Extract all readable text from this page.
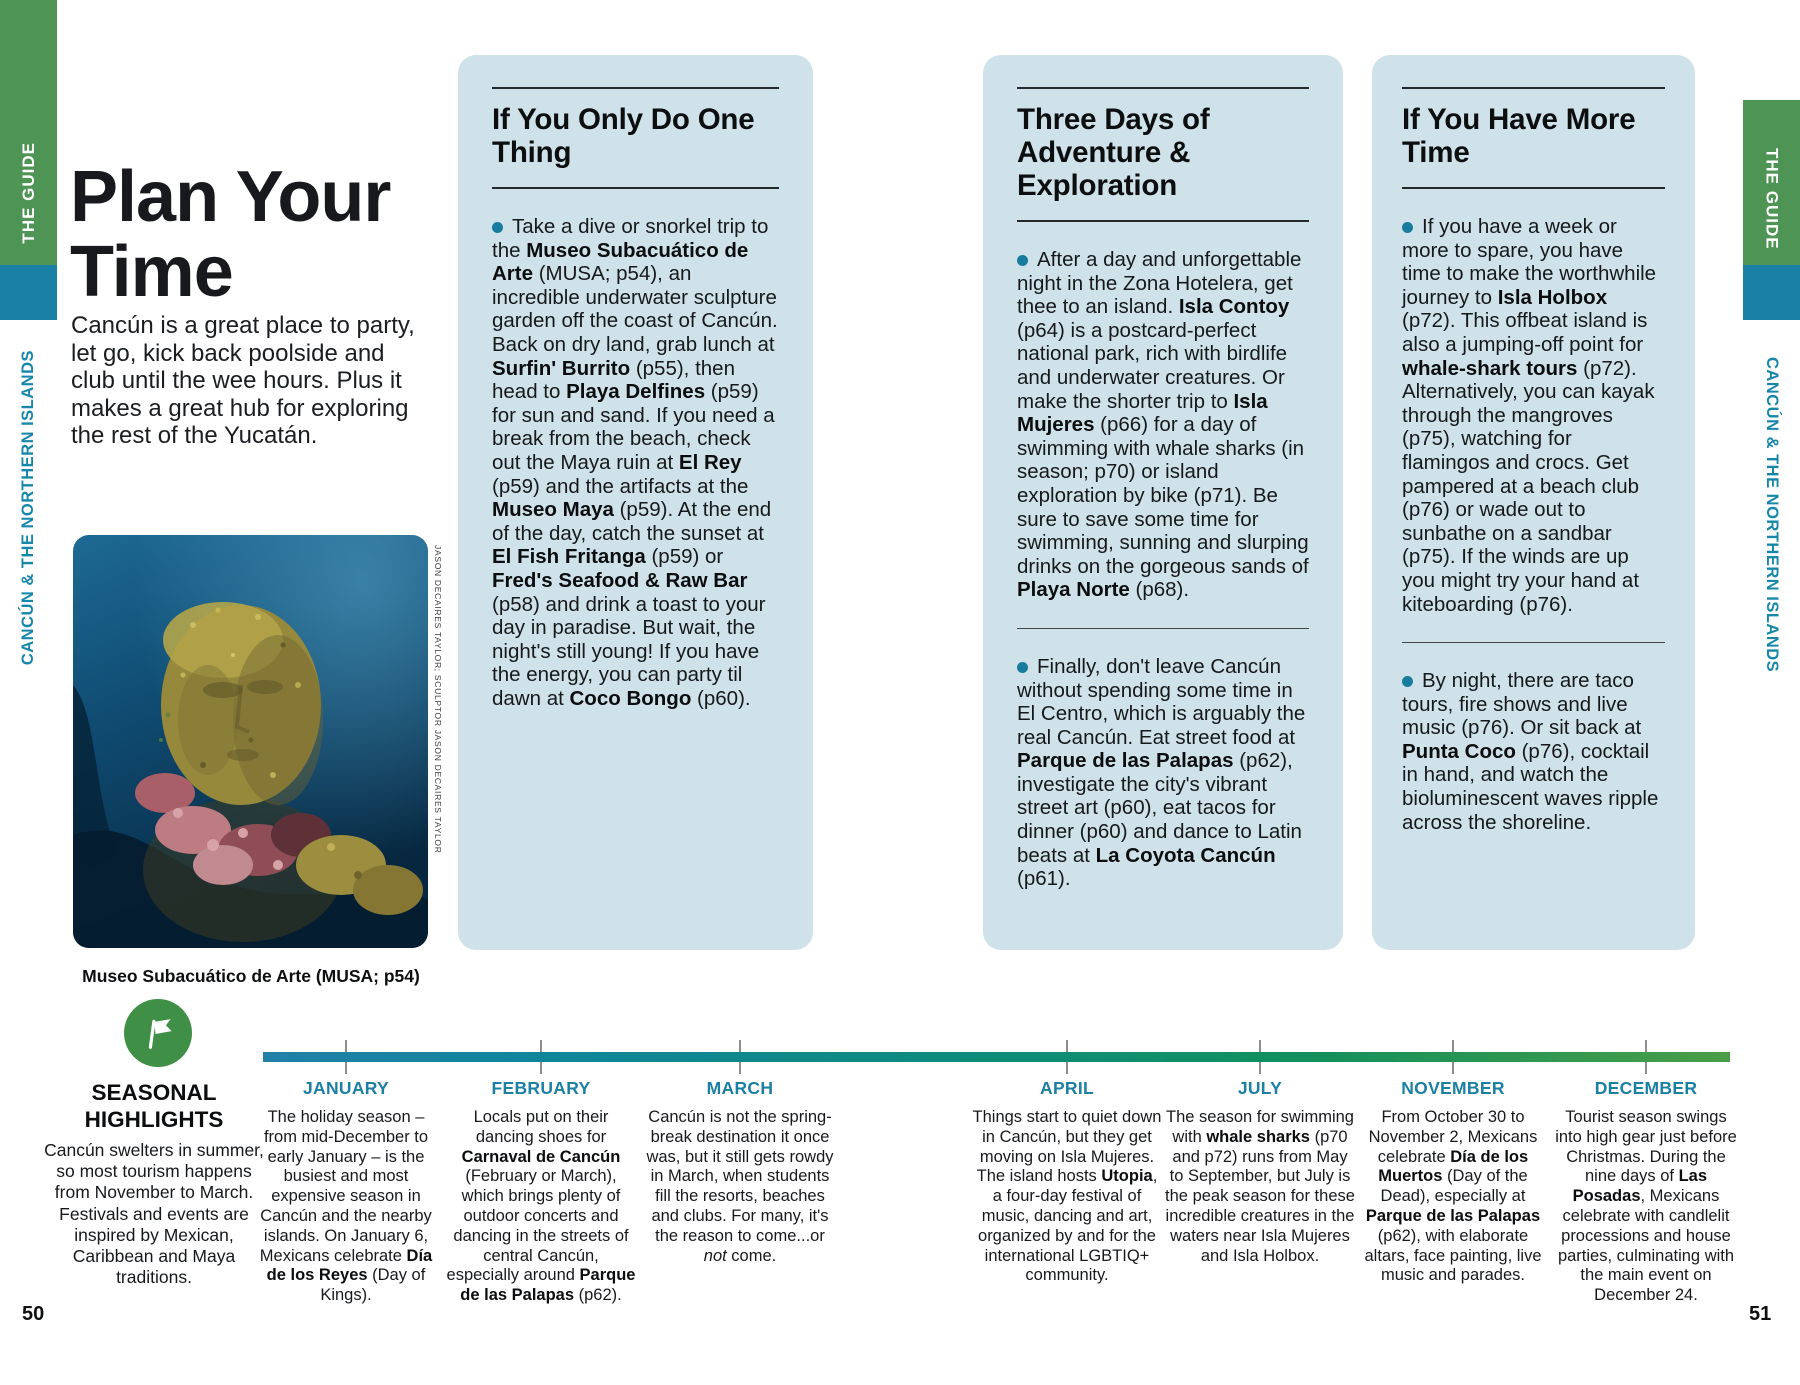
THE GUIDE
CANCÚN & THE NORTHERN ISLANDS
THE GUIDE
CANCÚN & THE NORTHERN ISLANDS
Plan Your Time

Cancún is a great place to party, let go, kick back poolside and club until the wee hours. Plus it makes a great hub for exploring the rest of the Yucatán.

JASON DECAIRES TAYLOR; SCULPTOR JASON DECAIRES TAYLOR
Museo Subacuático de Arte (MUSA; p54)
If You Only Do One Thing

Take a dive or snorkel trip to the Museo Subacuático de Arte (MUSA; p54), an incredible underwater sculpture garden off the coast of Cancún. Back on dry land, grab lunch at Surfin' Burrito (p55), then head to Playa Delfines (p59) for sun and sand. If you need a break from the beach, check out the Maya ruin at El Rey (p59) and the artifacts at the Museo Maya (p59). At the end of the day, catch the sunset at El Fish Fritanga (p59) or Fred's Seafood & Raw Bar (p58) and drink a toast to your day in paradise. But wait, the night's still young! If you have the energy, you can party til dawn at Coco Bongo (p60).

Three Days of Adventure & Exploration

After a day and unforgettable night in the Zona Hotelera, get thee to an island. Isla Contoy (p64) is a postcard-perfect national park, rich with birdlife and underwater creatures. Or make the shorter trip to Isla Mujeres (p66) for a day of swimming with whale sharks (in season; p70) or island exploration by bike (p71). Be sure to save some time for swimming, sunning and slurping drinks on the gorgeous sands of Playa Norte (p68).

Finally, don't leave Cancún without spending some time in El Centro, which is arguably the real Cancún. Eat street food at Parque de las Palapas (p62), investigate the city's vibrant street art (p60), eat tacos for dinner (p60) and dance to Latin beats at La Coyota Cancún (p61).

If You Have More Time

If you have a week or more to spare, you have time to make the worthwhile journey to Isla Holbox (p72). This offbeat island is also a jumping-off point for whale-shark tours (p72). Alternatively, you can kayak through the mangroves (p75), watching for flamingos and crocs. Get pampered at a beach club (p76) or wade out to sunbathe on a sandbar (p75). If the winds are up you might try your hand at kiteboarding (p76).

By night, there are taco tours, fire shows and live music (p76). Or sit back at Punta Coco (p76), cocktail in hand, and watch the bioluminescent waves ripple across the shoreline.

SEASONAL HIGHLIGHTS
Cancún swelters in summer, so most tourism happens from November to March. Festivals and events are inspired by Mexican, Caribbean and Maya traditions.
JANUARY
The holiday season – from mid-December to early January – is the busiest and most expensive season in Cancún and the nearby islands. On January 6, Mexicans celebrate Día de los Reyes (Day of Kings).
FEBRUARY
Locals put on their dancing shoes for Carnaval de Cancún (February or March), which brings plenty of outdoor concerts and dancing in the streets of central Cancún, especially around Parque de las Palapas (p62).
MARCH
Cancún is not the spring-break destination it once was, but it still gets rowdy in March, when students fill the resorts, beaches and clubs. For many, it's the reason to come...or not come.
APRIL
Things start to quiet down in Cancún, but they get moving on Isla Mujeres. The island hosts Utopia, a four-day festival of music, dancing and art, organized by and for the international LGBTIQ+ community.
JULY
The season for swimming with whale sharks (p70 and p72) runs from May to September, but July is the peak season for these incredible creatures in the waters near Isla Mujeres and Isla Holbox.
NOVEMBER
From October 30 to November 2, Mexicans celebrate Día de los Muertos (Day of the Dead), especially at Parque de las Palapas (p62), with elaborate altars, face painting, live music and parades.
DECEMBER
Tourist season swings into high gear just before Christmas. During the nine days of Las Posadas, Mexicans celebrate with candlelit processions and house parties, culminating with the main event on December 24.
50	51
